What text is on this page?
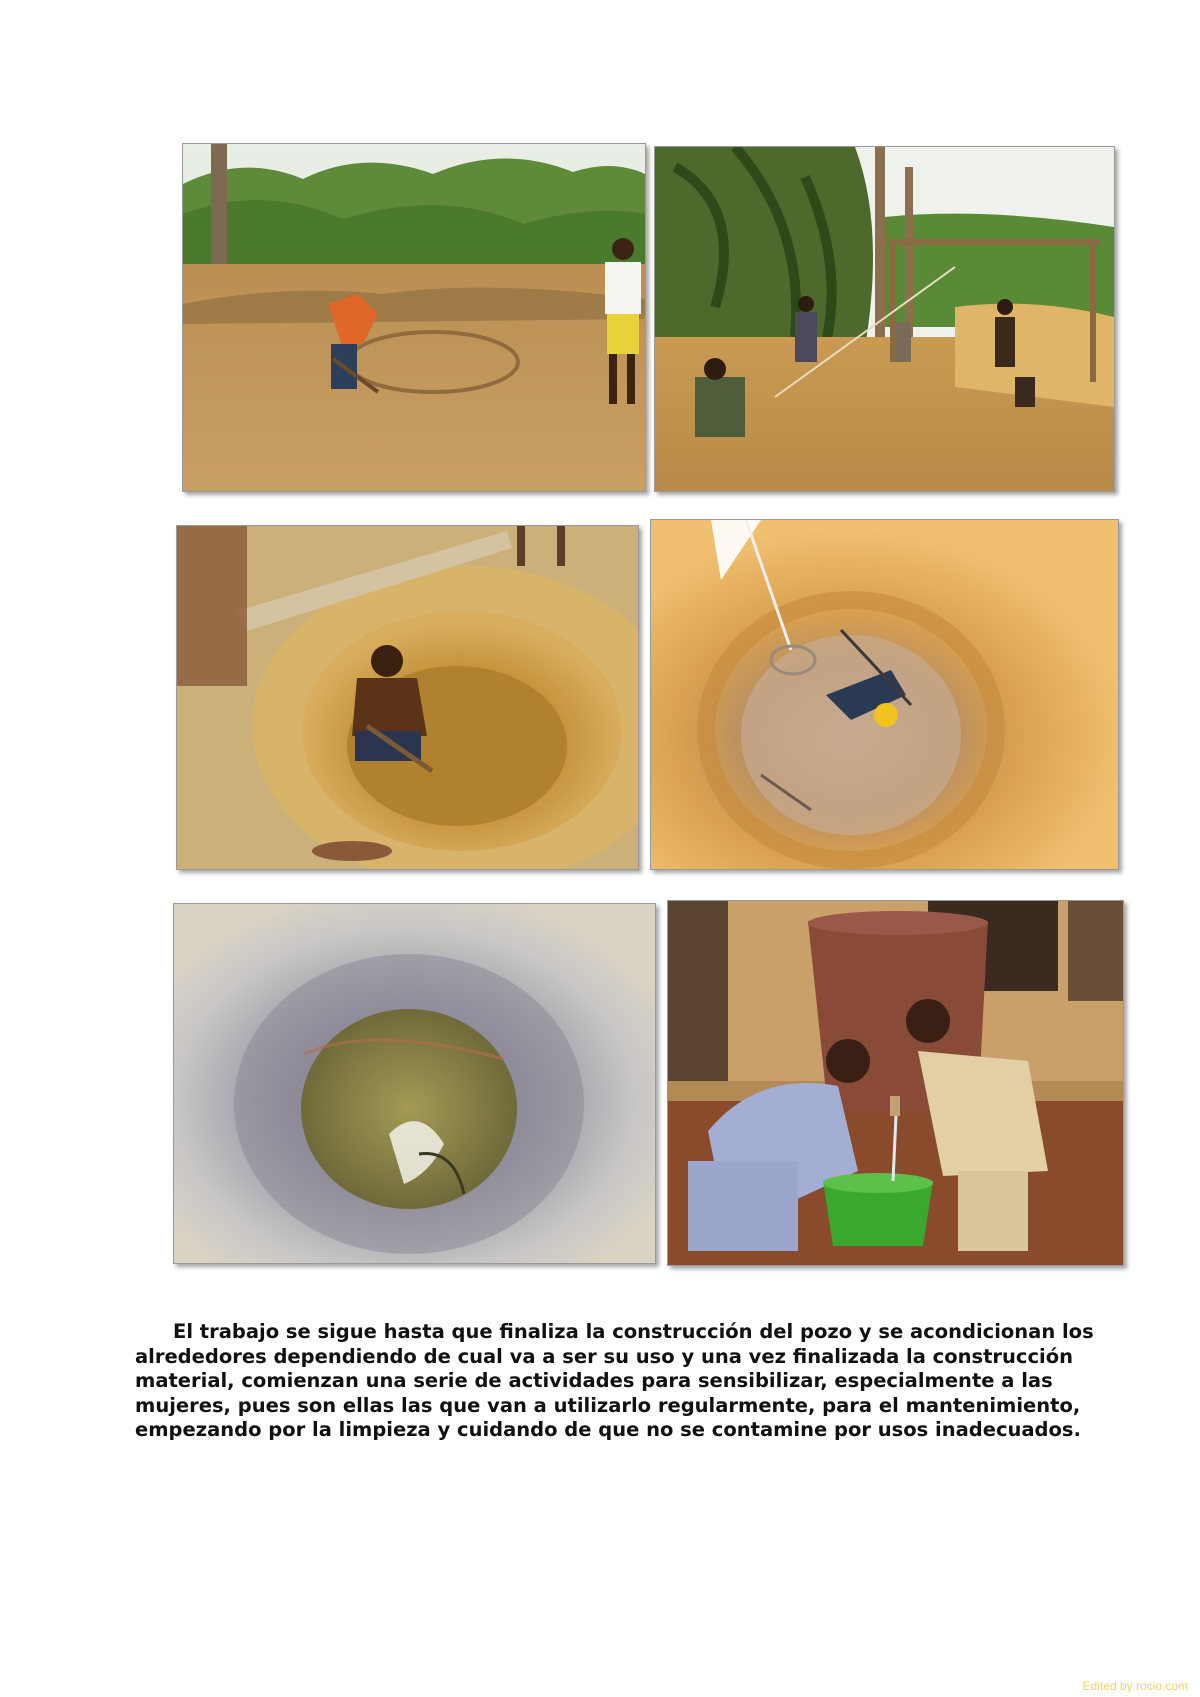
El trabajo se sigue hasta que finaliza la construcción del pozo y se acondicionan los
alrededores dependiendo de cual va a ser su uso y una vez finalizada la construcción
material, comienzan una serie de actividades para sensibilizar, especialmente a las
mujeres, pues son ellas las que van a utilizarlo regularmente, para el mantenimiento,
empezando por la limpieza y cuidando de que no se contamine por usos inadecuados.

Edited by rocio.com
